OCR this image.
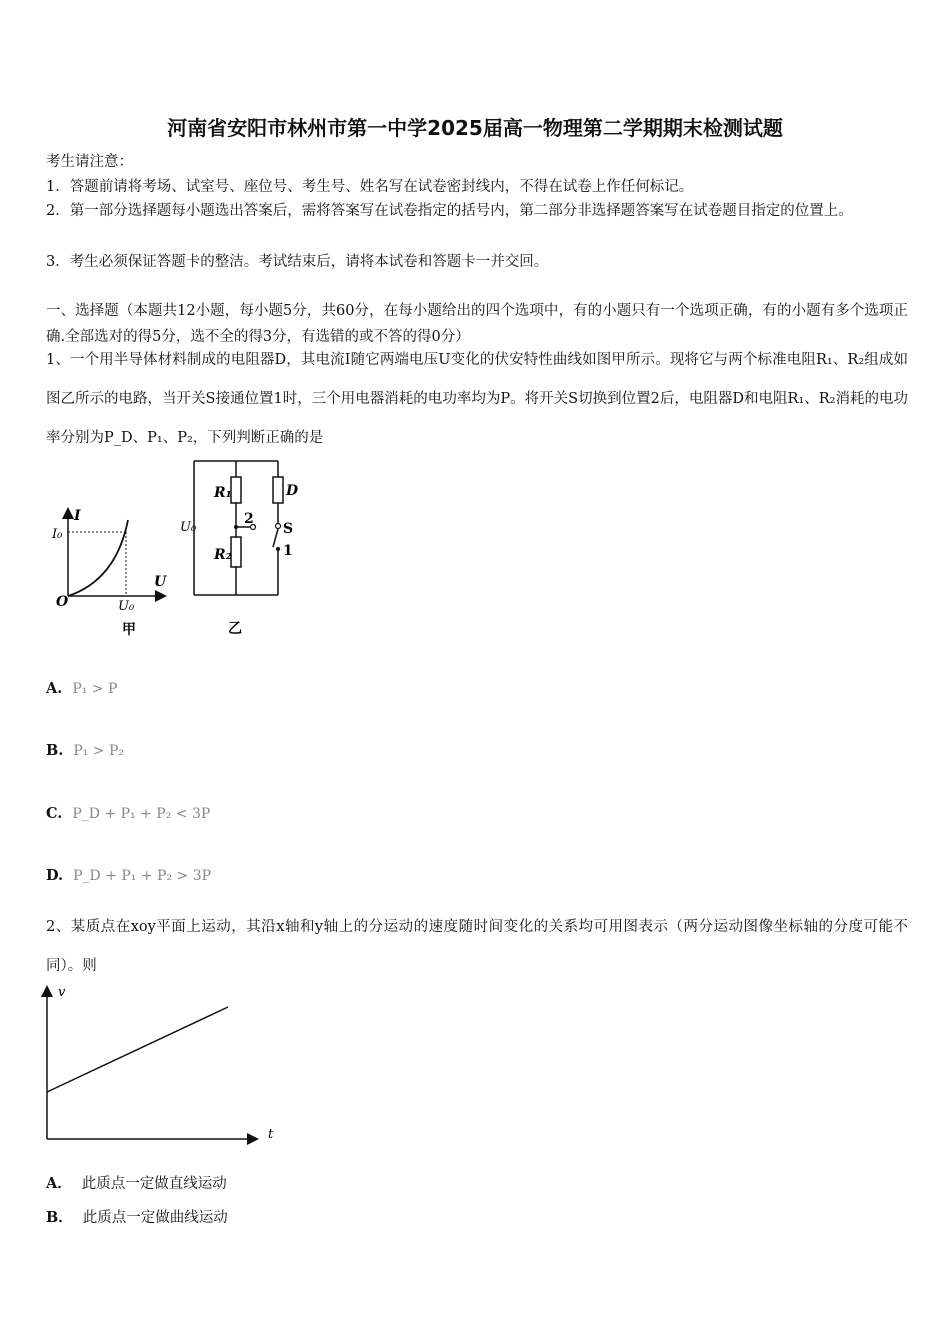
河南省安阳市林州市第一中学2025届高一物理第二学期期末检测试题
考生请注意：
1．答题前请将考场、试室号、座位号、考生号、姓名写在试卷密封线内，不得在试卷上作任何标记。
2．第一部分选择题每小题选出答案后，需将答案写在试卷指定的括号内，第二部分非选择题答案写在试卷题目指定的位置上。
3．考生必须保证答题卡的整洁。考试结束后，请将本试卷和答题卡一并交回。
一、选择题（本题共12小题，每小题5分，共60分，在每小题给出的四个选项中，有的小题只有一个选项正确，有的小题有多个选项正确.全部选对的得5分，选不全的得3分，有选错的或不答的得0分）
1、一个用半导体材料制成的电阻器D，其电流I随它两端电压U变化的伏安特性曲线如图甲所示。现将它与两个标准电阻R₁、R₂组成如图乙所示的电路，当开关S接通位置1时，三个用电器消耗的电功率均为P。将开关S切换到位置2后，电阻器D和电阻R₁、R₂消耗的电功率分别为P_D、P₁、P₂，下列判断正确的是
I
U
O	U₀
I₀
甲
R₁
R₂
D
S
1
2
U₀
乙
A. P₁ > P
B. P₁ > P₂
C. P_D + P₁ + P₂ < 3P
D. P_D + P₁ + P₂ > 3P
2、某质点在xoy平面上运动，其沿x轴和y轴上的分运动的速度随时间变化的关系均可用图表示（两分运动图像坐标轴的分度可能不同）。则
v
t
A． 此质点一定做直线运动
B． 此质点一定做曲线运动
